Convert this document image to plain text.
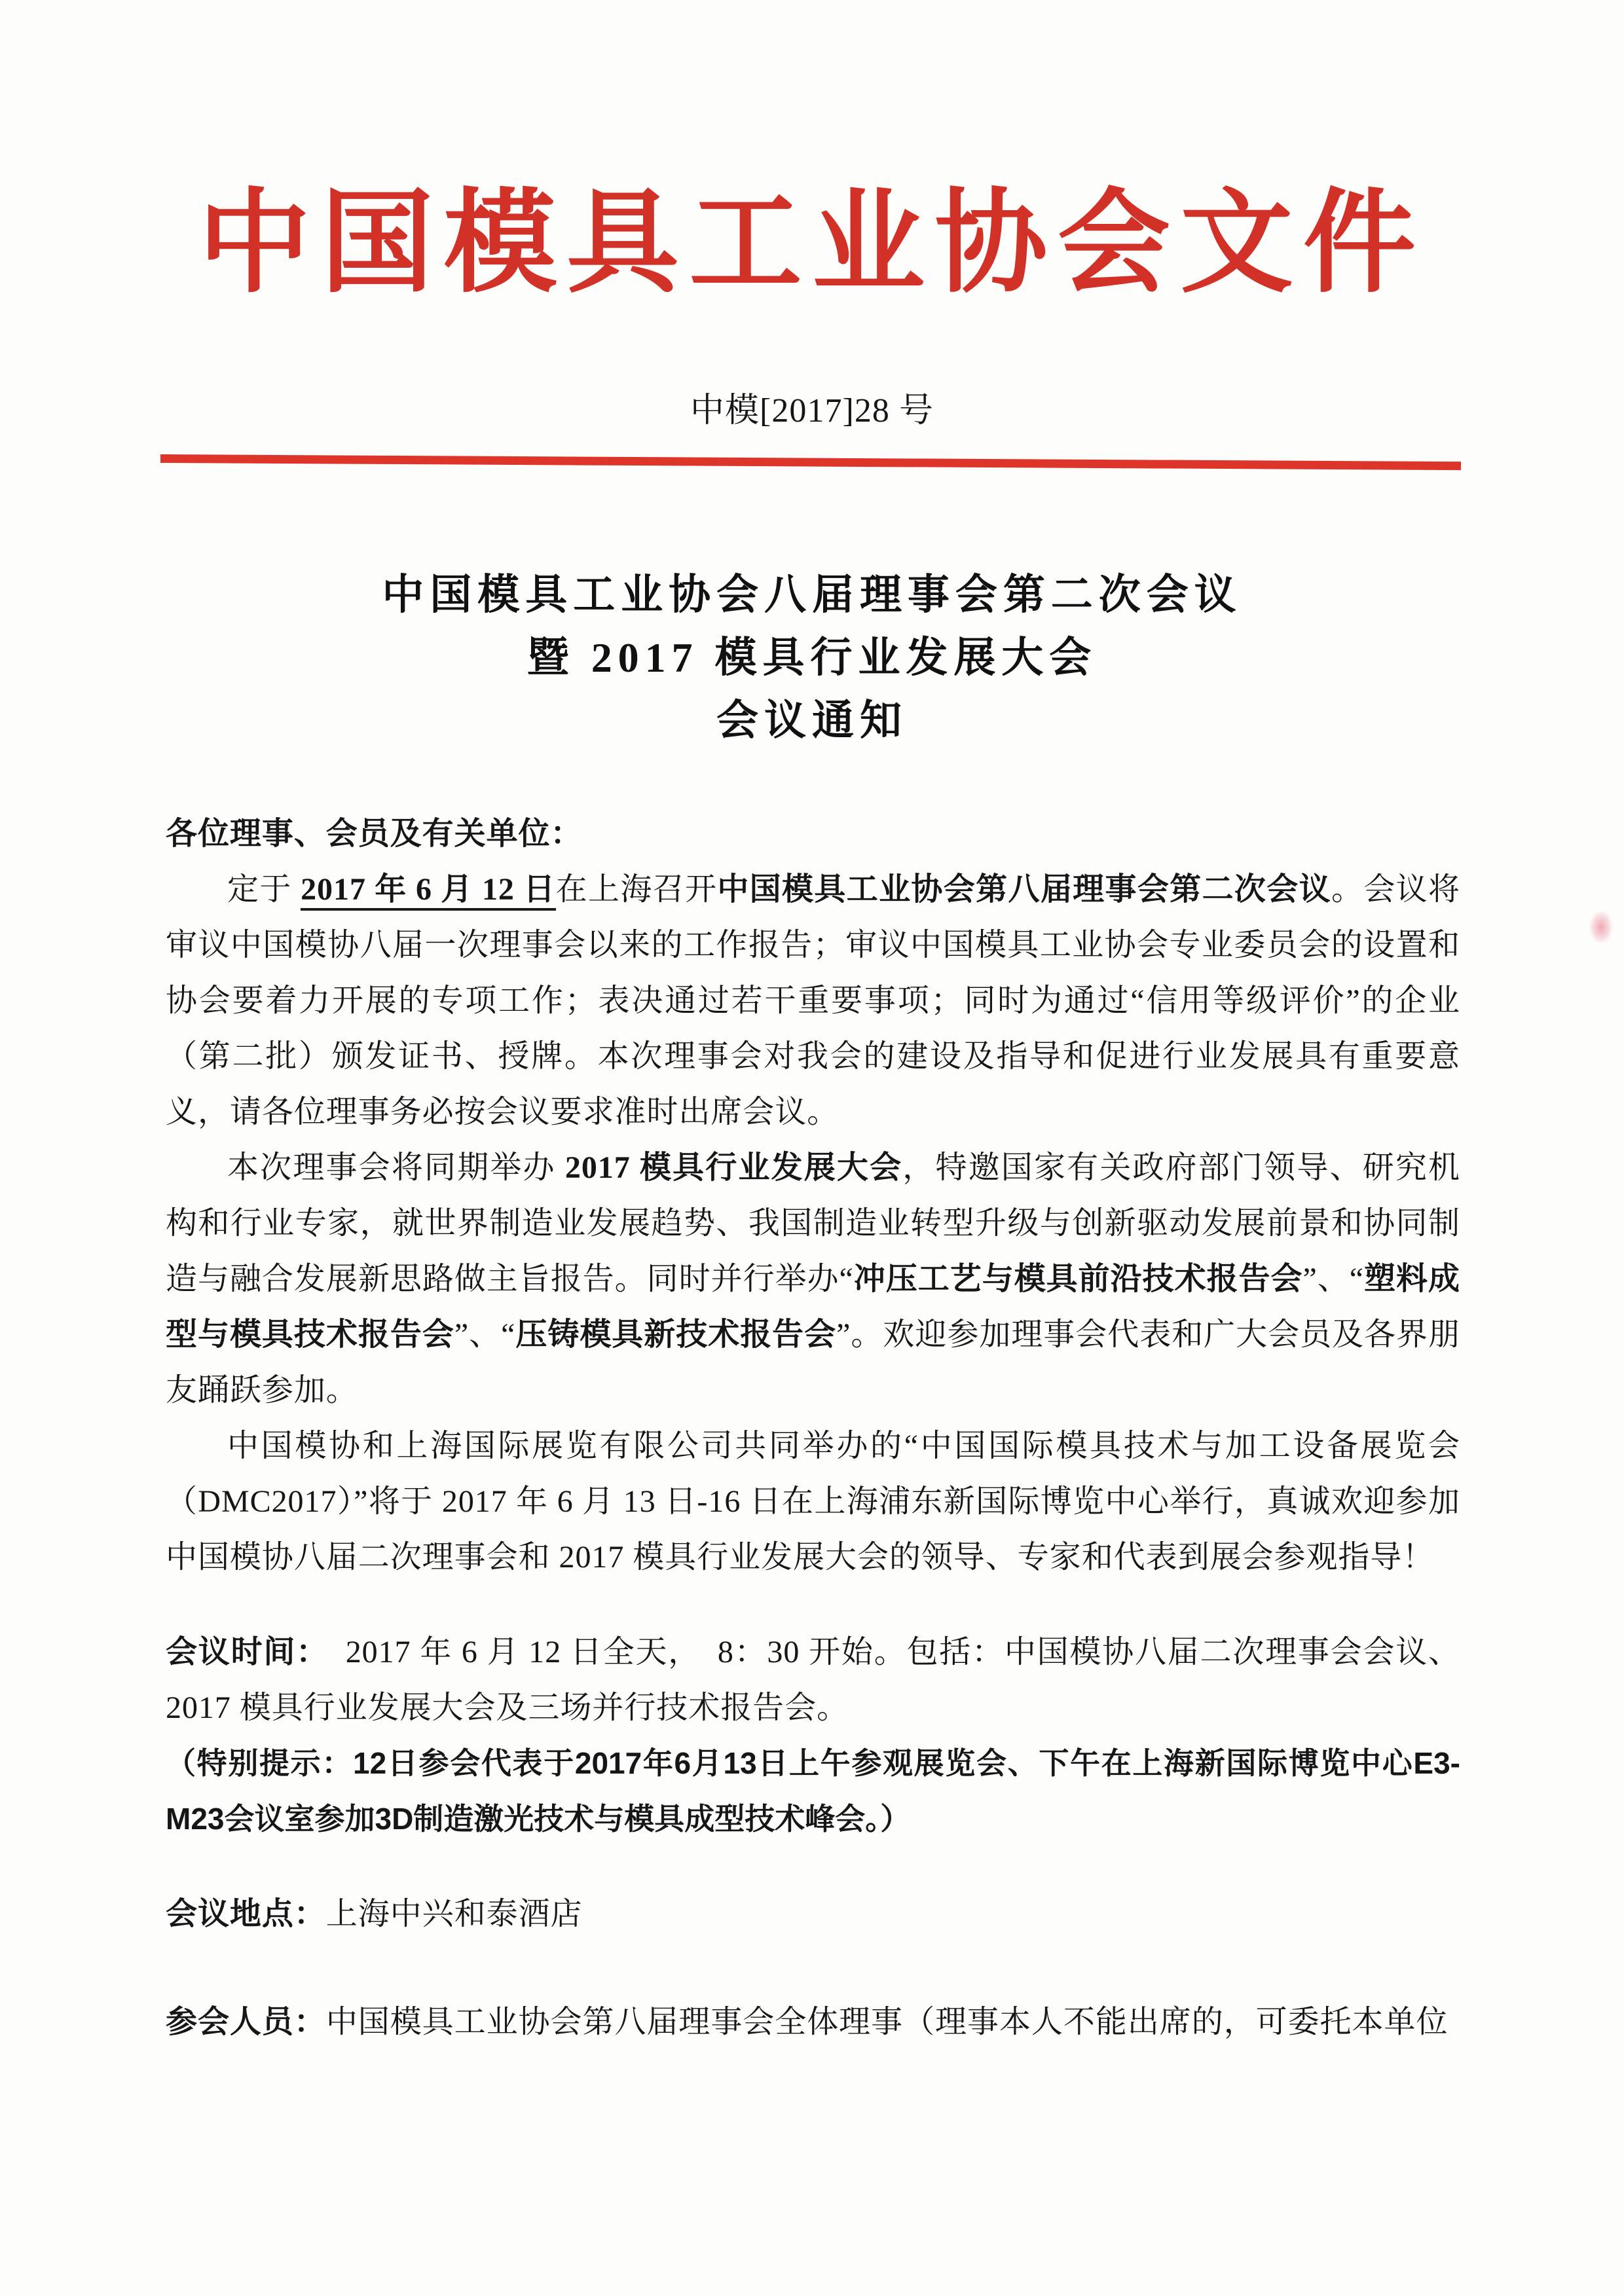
中国模具工业协会文件
中模[2017]28 号
中国模具工业协会八届理事会第二次会议
暨 2017 模具行业发展大会
会议通知

各位理事、会员及有关单位：

定于 2017 年 6 月 12 日在上海召开中国模具工业协会第八届理事会第二次会议。会议将审议中国模协八届一次理事会以来的工作报告；审议中国模具工业协会专业委员会的设置和协会要着力开展的专项工作；表决通过若干重要事项；同时为通过“信用等级评价”的企业（第二批）颁发证书、授牌。本次理事会对我会的建设及指导和促进行业发展具有重要意义，请各位理事务必按会议要求准时出席会议。

本次理事会将同期举办 2017 模具行业发展大会，特邀国家有关政府部门领导、研究机构和行业专家，就世界制造业发展趋势、我国制造业转型升级与创新驱动发展前景和协同制造与融合发展新思路做主旨报告。同时并行举办“冲压工艺与模具前沿技术报告会”、“塑料成型与模具技术报告会”、“压铸模具新技术报告会”。欢迎参加理事会代表和广大会员及各界朋友踊跃参加。

中国模协和上海国际展览有限公司共同举办的“中国国际模具技术与加工设备展览会（DMC2017）”将于 2017 年 6 月 13 日-16 日在上海浦东新国际博览中心举行，真诚欢迎参加中国模协八届二次理事会和 2017 模具行业发展大会的领导、专家和代表到展会参观指导！

会议时间：　2017 年 6 月 12 日全天，　8：30 开始。包括：中国模协八届二次理事会会议、2017 模具行业发展大会及三场并行技术报告会。

（特别提示：12日参会代表于2017年6月13日上午参观展览会、下午在上海新国际博览中心E3-M23会议室参加3D制造激光技术与模具成型技术峰会。）

会议地点：上海中兴和泰酒店

参会人员：中国模具工业协会第八届理事会全体理事（理事本人不能出席的，可委托本单位
